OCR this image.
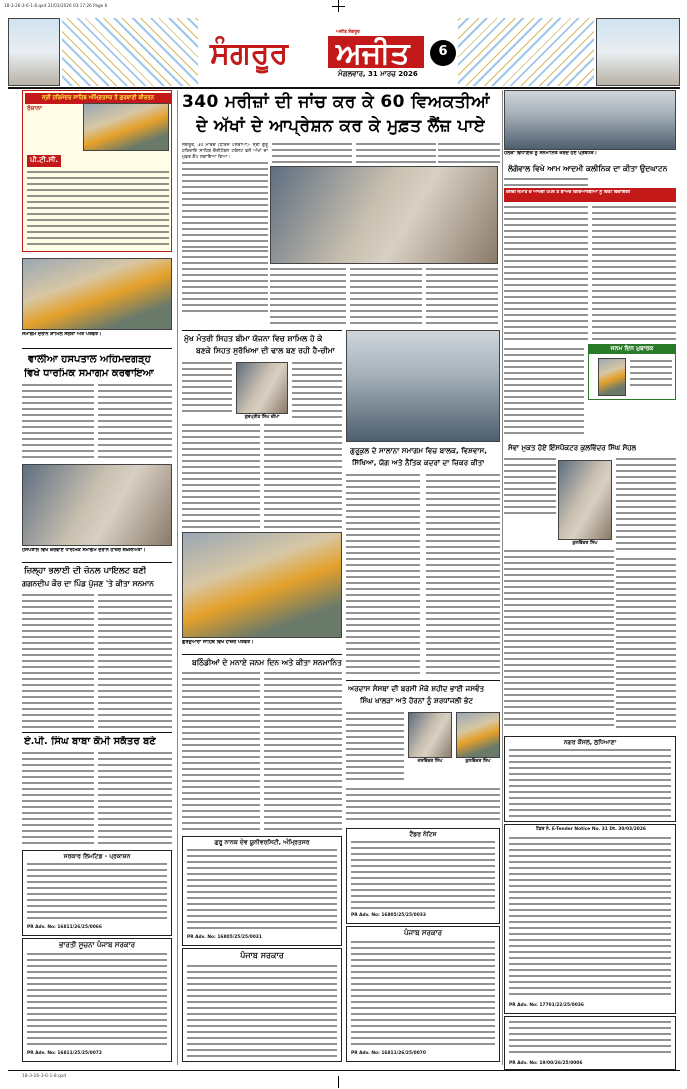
18-3-26-3-6-1-8.qxd 31/03/2026 03:17:26 Page 6
ਸੰਗਰੂਰ ਅਜੀਤ
ਅਜੀਤ ਸੰਗਰੂਰ
ਮੰਗਲਵਾਰ, 31 ਮਾਰਚ 2026
6
ਸ੍ਰੀ ਹਰਿਮੰਦਰ ਸਾਹਿਬ ਅੰਮ੍ਰਿਤਸਰ ਤੋਂ ਗੁਰਬਾਣੀ ਕੀਰਤਨ
ਰੋਜ਼ਾਨਾ
ਪੀ.ਟੀ.ਸੀ.
340 ਮਰੀਜ਼ਾਂ ਦੀ ਜਾਂਚ ਕਰ ਕੇ 60 ਵਿਅਕਤੀਆਂ
ਦੇ ਅੱਖਾਂ ਦੇ ਆਪ੍ਰੇਸ਼ਨ ਕਰ ਕੇ ਮੁਫ਼ਤ ਲੈਂਜ਼ ਪਾਏ
ਸੰਗਰੂਰ, 30 ਮਾਰਚ (ਧੀਰਜ ਪਸ਼ੌਰੀਆ)- ਸ੍ਰੀ ਗੁਰੂ ਹਰਿਰਾਇ ਸਾਹਿਬ ਚੈਰੀਟੇਬਲ ਟਰੱਸਟ ਵਲੋਂ ਅੱਖਾਂ ਦਾ ਮੁਫ਼ਤ ਕੈਂਪ ਲਗਾਇਆ ਗਿਆ।
ਹਲਕਾ ਵਿਧਾਇਕ ਨੂੰ ਸਨਮਾਨਿਤ ਕਰਦੇ ਹੋਏ ਪ੍ਰਬੰਧਕ।
ਲੋਗੋਵਾਲ ਵਿਖੇ ਆਮ ਆਦਮੀ ਕਲੀਨਿਕ ਦਾ ਕੀਤਾ ਉਦਘਾਟਨ
ਦਸਵੀਂ ਜਮਾਤ ਦੇ ਆਖਰੀ ਪੇਪਰ ਤੋਂ ਬਾਅਦ ਵਿਦਿਆਰਥੀਆਂ ਨੂੰ ਦਿੱਤੀ ਵਿਦਾਇਗੀ
ਜਨਮ ਦਿਨ ਮੁਬਾਰਕ
ਸੇਵਾ ਮੁਕਤ ਹੋਏ ਇੰਸਪੈਕਟਰ ਕੁਲਵਿੰਦਰ ਸਿੰਘ ਸੋਹਲ
ਕੁਲਵਿੰਦਰ ਸਿੰਘ
ਨਗਰ ਕੌਂਸਲ, ਲੁਧਿਆਣਾ
ਟੈਂਡਰ ਨੰ. E-Tender Notice No. 31 Dt. 30/03/2026
PR Adv. No: 17701/22/25/0036
PR Adv. No: 19/00/26/25/0006
ਸਮਾਗਮ ਦੌਰਾਨ ਸ਼ਾਮਿਲ ਸੰਗਤਾਂ ਅਤੇ ਪਤਵੰਤੇ।
ਵਾਲੀਆ ਹਸਪਤਾਲ ਅਹਿਮਦਗੜ੍ਹ
ਵਿਖੇ ਧਾਰਮਿਕ ਸਮਾਗਮ ਕਰਵਾਇਆ
ਹਸਪਤਾਲ ਵਿਖੇ ਕਰਵਾਏ ਧਾਰਮਿਕ ਸਮਾਗਮ ਦੌਰਾਨ ਹਾਜ਼ਰ ਸ਼ਖ਼ਸੀਅਤਾਂ।
ਜ਼ਿਲ੍ਹਾ ਭਲਾਈ ਦੀ ਜ਼ੋਨਲ ਪਾਇਲਟ ਬਣੀ
ਗਗਨਦੀਪ ਕੌਰ ਦਾ ਪਿੰਡ ਪੁੱਜਣ 'ਤੇ ਕੀਤਾ ਸਨਮਾਨ
ਏ.ਪੀ. ਸਿੰਘ ਬਾਬਾ ਕੌਮੀ ਸਕੱਤਰ ਬਣੇ
ਸਰਕਾਰ ਲਿਮਟਿਡ - ਪ੍ਰਕਾਸ਼ਨ
PR Adv. No: 16811/26/25/0066
ਭਾਰਤੀ ਸੂਚਨਾ ਪੰਜਾਬ ਸਰਕਾਰ
PR Adv. No: 16811/25/25/0072
ਮੁੱਖ ਮੰਤਰੀ ਸਿਹਤ ਬੀਮਾ ਯੋਜਨਾ ਵਿਚ ਸ਼ਾਮਿਲ ਹੋ ਕੇ
ਬਣਕੇ ਸਿਹਤ ਸੁਰੱਖਿਆ ਦੀ ਢਾਲ ਬਣ ਰਹੀ ਹੈ-ਚੀਮਾ
ਗੁਰਪ੍ਰੀਤ ਸਿੰਘ ਚੀਮਾ
ਗੁਰਦੁਆਰਾ ਸਾਹਿਬ ਵਿਖੇ ਹਾਜ਼ਰ ਪਤਵੰਤੇ।
ਬਠਿੰਡੀਆਂ ਦੇ ਮਨਾਏ ਜਨਮ ਦਿਨ ਅਤੇ ਕੀਤਾ ਸਨਮਾਨਿਤ
ਗੁਰੂ ਨਾਨਕ ਦੇਵ ਯੂਨੀਵਰਸਿਟੀ, ਅੰਮ੍ਰਿਤਸਰ
PR Adv. No: 16805/25/25/0031
ਪੰਜਾਬ ਸਰਕਾਰ
ਗੁਰੂਕੁਲ ਦੇ ਸਾਲਾਨਾ ਸਮਾਗਮ ਵਿਚ ਬਾਲਕ, ਵਿਸ਼ਵਾਸ,
ਸਿੱਖਿਆ, ਯੋਗ ਅਤੇ ਨੈਤਿਕ ਕਦਰਾਂ ਦਾ ਜ਼ਿਕਰ ਕੀਤਾ
ਅਰਦਾਸ ਸੰਸਥਾ ਦੀ ਬਰਸੀ ਮੌਕੇ ਸ਼ਹੀਦ ਭਾਈ ਜਸਵੰਤ
ਸਿੰਘ ਖਾਲੜਾ ਅਤੇ ਹੋਰਨਾਂ ਨੂੰ ਸ਼ਰਧਾਂਜਲੀ ਭੇਟ
ਜਸਵਿੰਦਰ ਸਿੰਘ	ਕੁਲਵਿੰਦਰ ਸਿੰਘ
ਟੈਂਡਰ ਨੋਟਿਸ
PR Adv. No: 16805/25/25/0033
ਪੰਜਾਬ ਸਰਕਾਰ
PR Adv. No: 16811/26/25/0070
18-3-26-3-6-1-8.qxd
